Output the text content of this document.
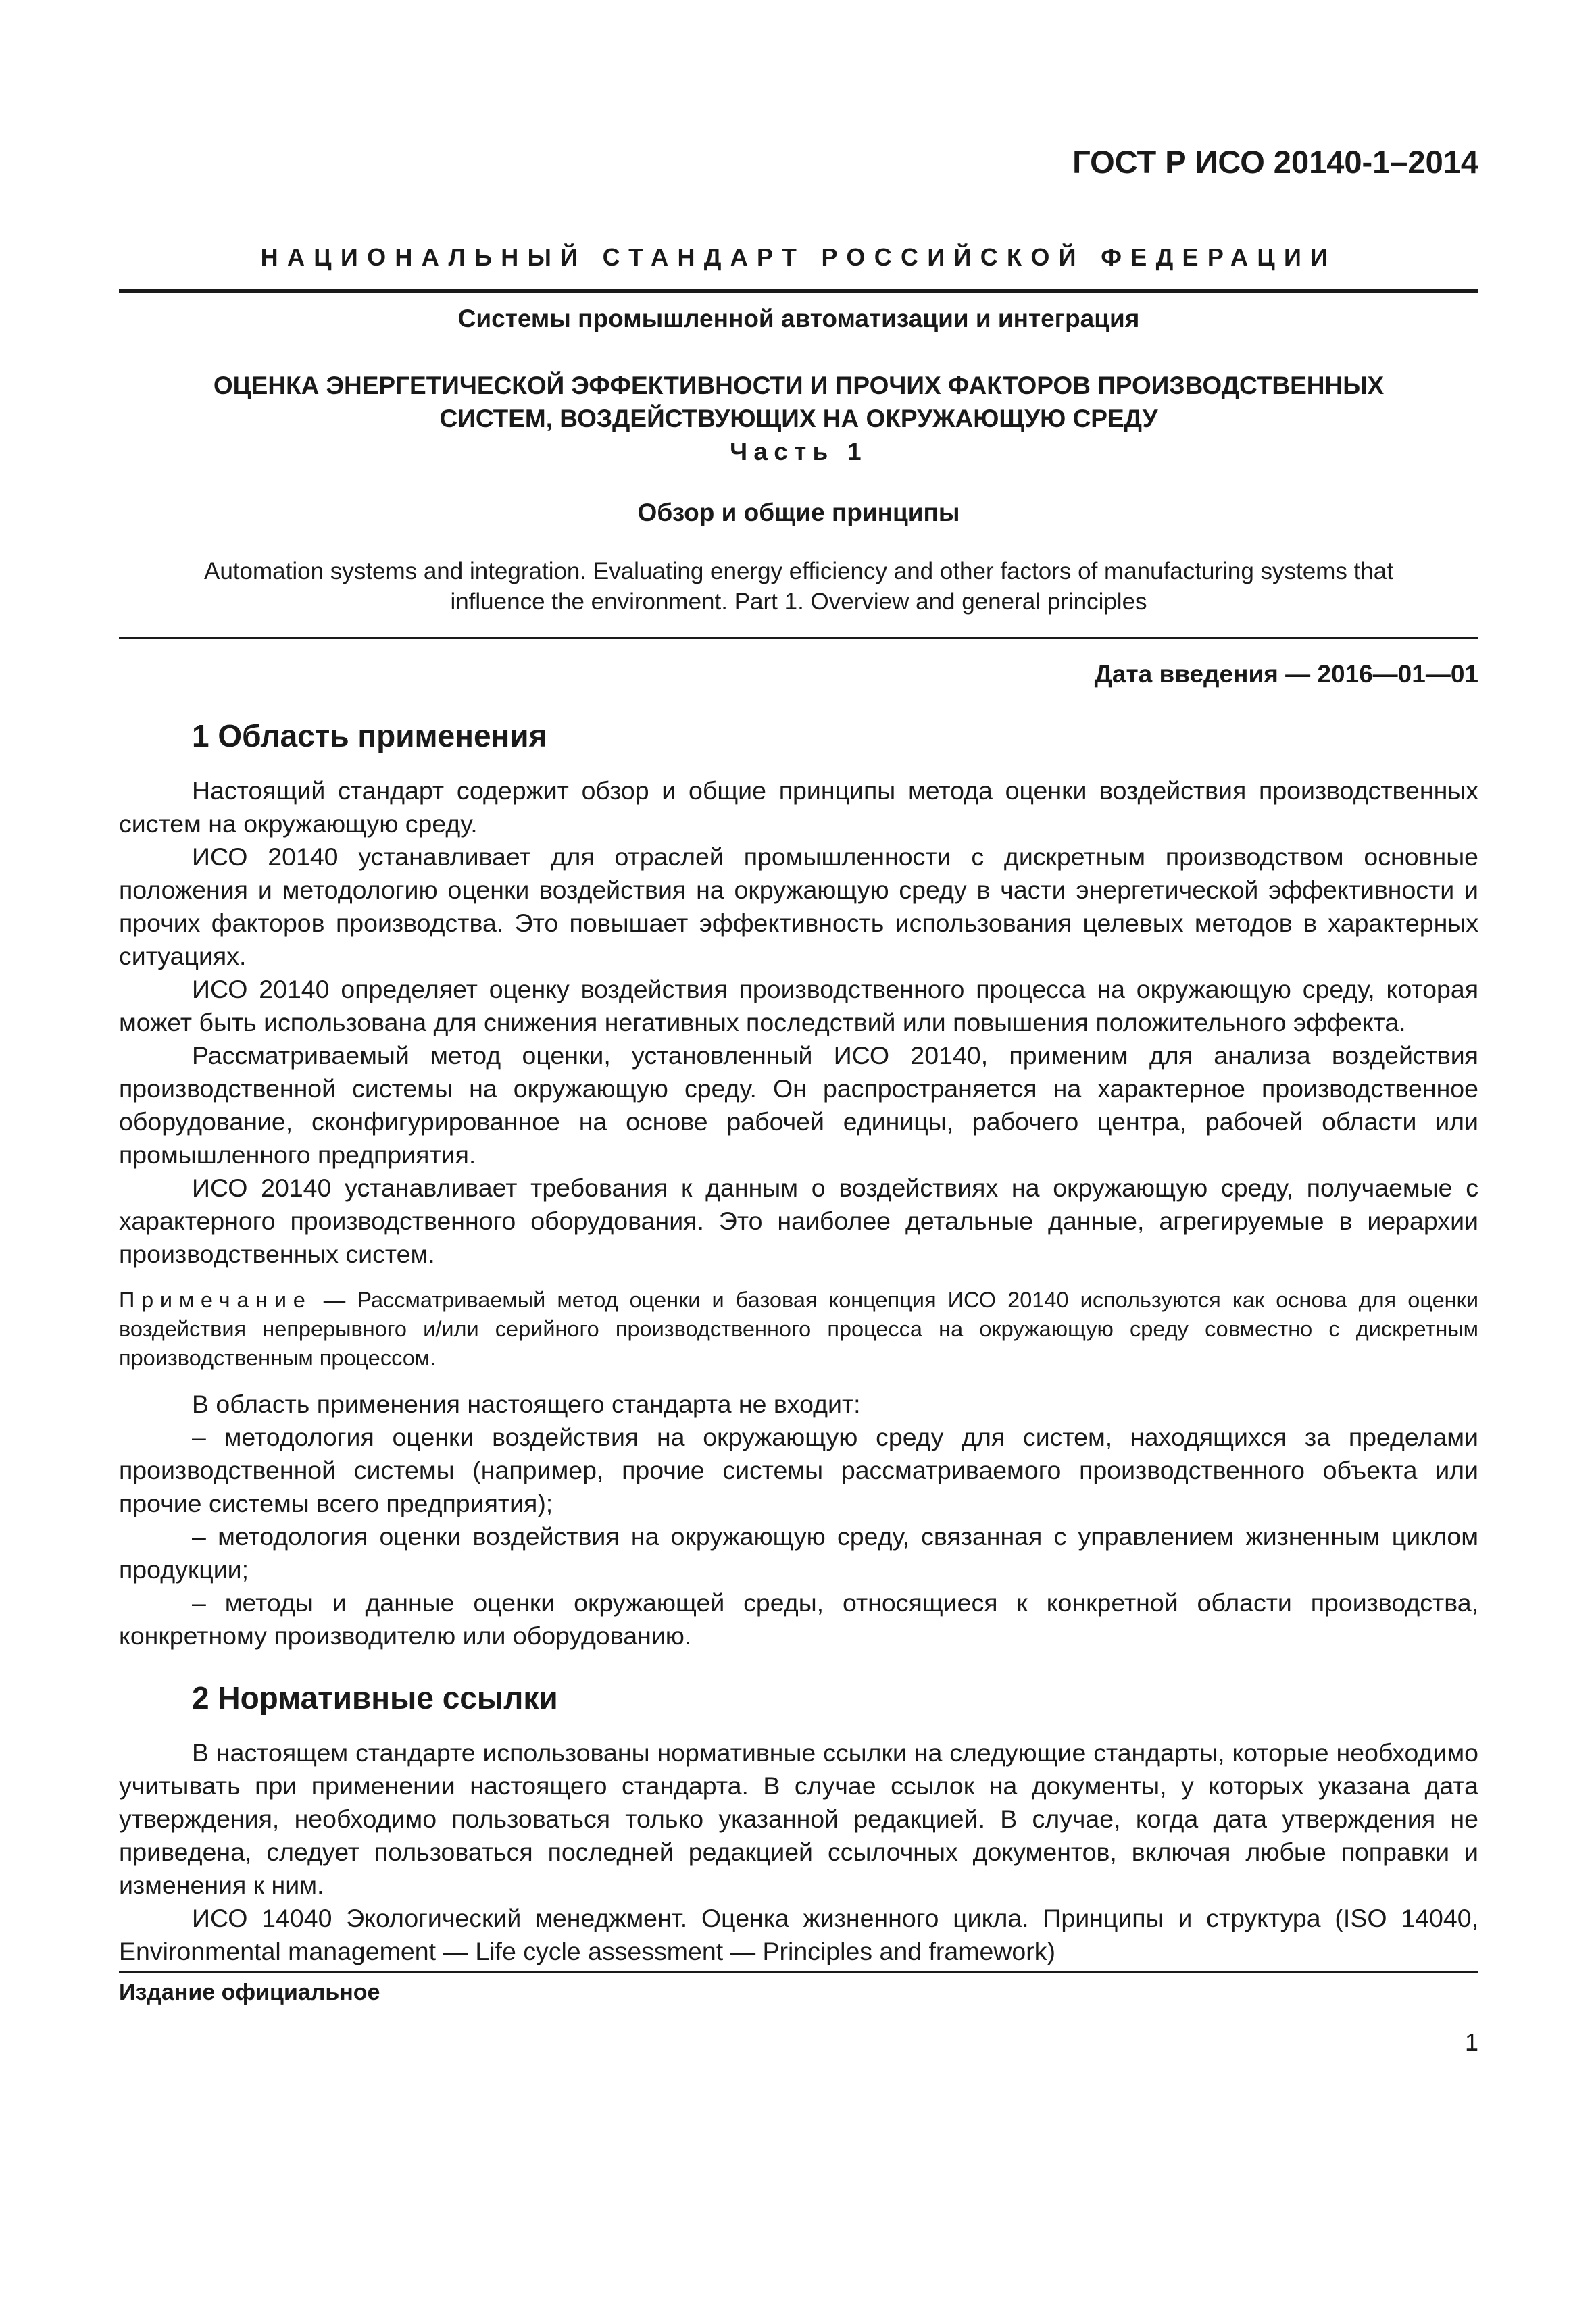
ГОСТ Р ИСО 20140-1–2014
НАЦИОНАЛЬНЫЙ СТАНДАРТ РОССИЙСКОЙ ФЕДЕРАЦИИ
Системы промышленной автоматизации и интеграция
ОЦЕНКА ЭНЕРГЕТИЧЕСКОЙ ЭФФЕКТИВНОСТИ И ПРОЧИХ ФАКТОРОВ ПРОИЗВОДСТВЕННЫХ
СИСТЕМ, ВОЗДЕЙСТВУЮЩИХ НА ОКРУЖАЮЩУЮ СРЕДУ
Часть 1
Обзор и общие принципы
Automation systems and integration. Evaluating energy efficiency and other factors of manufacturing systems that
influence the environment. Part 1. Overview and general principles
Дата введения — 2016—01—01
1 Область применения

Настоящий стандарт содержит обзор и общие принципы метода оценки воздействия производственных систем на окружающую среду.

ИСО 20140 устанавливает для отраслей промышленности с дискретным производством основные положения и методологию оценки воздействия на окружающую среду в части энергетической эффективности и прочих факторов производства. Это повышает эффективность использования целевых методов в характерных ситуациях.

ИСО 20140 определяет оценку воздействия производственного процесса на окружающую среду, которая может быть использована для снижения негативных последствий или повышения положительного эффекта.

Рассматриваемый метод оценки, установленный ИСО 20140, применим для анализа воздействия производственной системы на окружающую среду. Он распространяется на характерное производственное оборудование, сконфигурированное на основе рабочей единицы, рабочего центра, рабочей области или промышленного предприятия.

ИСО 20140 устанавливает требования к данным о воздействиях на окружающую среду, получаемые с характерного производственного оборудования. Это наиболее детальные данные, агрегируемые в иерархии производственных систем.

Примечание — Рассматриваемый метод оценки и базовая концепция ИСО 20140 используются как основа для оценки воздействия непрерывного и/или серийного производственного процесса на окружающую среду совместно с дискретным производственным процессом.

В область применения настоящего стандарта не входит:

– методология оценки воздействия на окружающую среду для систем, находящихся за пределами производственной системы (например, прочие системы рассматриваемого производственного объекта или прочие системы всего предприятия);

– методология оценки воздействия на окружающую среду, связанная с управлением жизненным циклом продукции;

– методы и данные оценки окружающей среды, относящиеся к конкретной области производства, конкретному производителю или оборудованию.

2 Нормативные ссылки

В настоящем стандарте использованы нормативные ссылки на следующие стандарты, которые необходимо учитывать при применении настоящего стандарта. В случае ссылок на документы, у которых указана дата утверждения, необходимо пользоваться только указанной редакцией. В случае, когда дата утверждения не приведена, следует пользоваться последней редакцией ссылочных документов, включая любые поправки и изменения к ним.

ИСО 14040 Экологический менеджмент. Оценка жизненного цикла. Принципы и структура (ISO 14040, Environmental management — Life cycle assessment — Principles and framework)

Издание официальное
1
